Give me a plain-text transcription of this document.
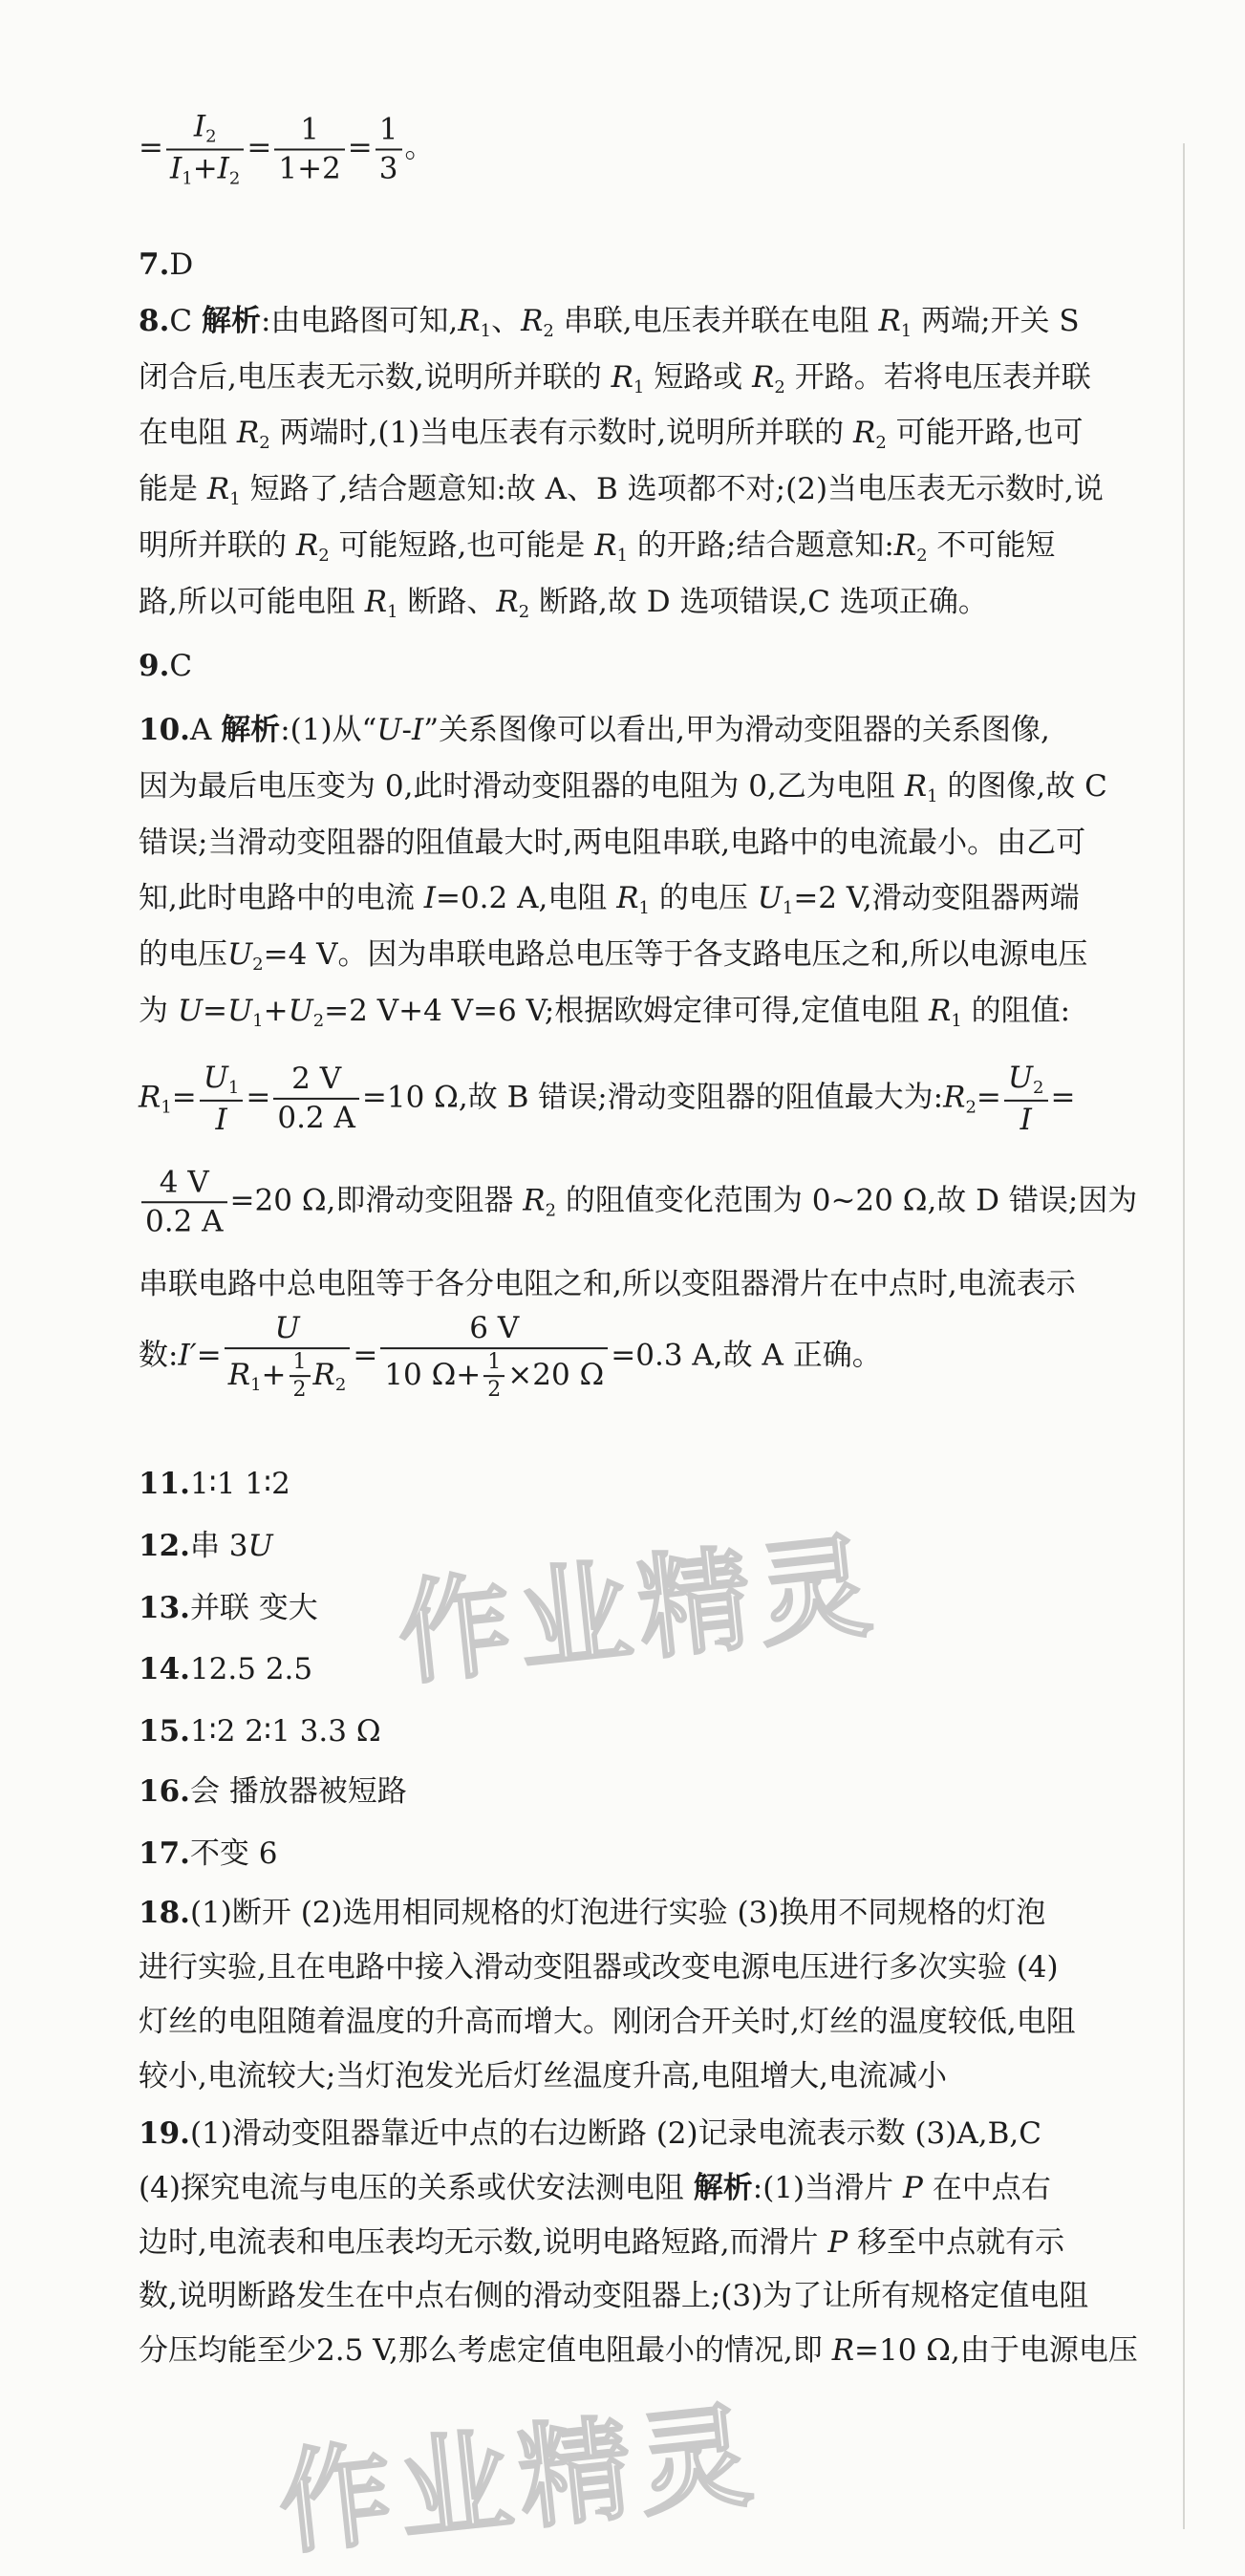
= $\frac{I2}{I1+I2} = \frac{1}{1+2} = \frac{1}{3}$ 。
7.D
8.C 解析:由电路图可知,R1、R2 串联,电压表并联在电阻 R1 两端;开关 S
闭合后,电压表无示数,说明所并联的 R1 短路或 R2 开路。若将电压表并联
在电阻 R2 两端时,(1)当电压表有示数时,说明所并联的 R2 可能开路,也可
能是 R1 短路了,结合题意知:故 A、B 选项都不对;(2)当电压表无示数时,说
明所并联的 R2 可能短路,也可能是 R1 的开路;结合题意知:R2 不可能短
路,所以可能电阻 R1 断路、R2 断路,故 D 选项错误,C 选项正确。
9.C
10.A 解析:(1)从“U-I”关系图像可以看出,甲为滑动变阻器的关系图像,
因为最后电压变为 0,此时滑动变阻器的电阻为 0,乙为电阻 R1 的图像,故 C
错误;当滑动变阻器的阻值最大时,两电阻串联,电路中的电流最小。由乙可
知,此时电路中的电流 I=0.2 A,电阻 R1 的电压 U1=2 V,滑动变阻器两端
的电压U2=4 V。因为串联电路总电压等于各支路电压之和,所以电源电压
为 U=U1+U2=2 V+4 V=6 V;根据欧姆定律可得,定值电阻 R1 的阻值:
$R1= \frac{U1}{I} = \frac{2 V}{0.2 A} =10$ Ω,故 B 错误;滑动变阻器的阻值最大为:R2= $\frac{U2}{I}$ =
$\frac{4 V}{0.2 A} =20$ Ω,即滑动变阻器 R2 的阻值变化范围为 0~20 Ω,故 D 错误;因为
串联电路中总电阻等于各分电阻之和,所以变阻器滑片在中点时,电流表示
数:I′= $\frac{U}{R1+ \frac{1}{2} R2} = \frac{6 V}{10 \Omega+ \frac{1}{2} \times 20 \Omega} =0.3$ A,故 A 正确。
11.1∶1 1∶2
12.串 3U
13.并联 变大
14.12.5 2.5
15.1∶2 2∶1 3.3 Ω
16.会 播放器被短路
17.不变 6
18.(1)断开 (2)选用相同规格的灯泡进行实验 (3)换用不同规格的灯泡
进行实验,且在电路中接入滑动变阻器或改变电源电压进行多次实验 (4)
灯丝的电阻随着温度的升高而增大。刚闭合开关时,灯丝的温度较低,电阻
较小,电流较大;当灯泡发光后灯丝温度升高,电阻增大,电流减小
19.(1)滑动变阻器靠近中点的右边断路 (2)记录电流表示数 (3)A,B,C
(4)探究电流与电压的关系或伏安法测电阻 解析:(1)当滑片 P 在中点右
边时,电流表和电压表均无示数,说明电路短路,而滑片 P 移至中点就有示
数,说明断路发生在中点右侧的滑动变阻器上;(3)为了让所有规格定值电阻
分压均能至少2.5 V,那么考虑定值电阻最小的情况,即 R=10 Ω,由于电源电压
作业精灵
作业精灵
